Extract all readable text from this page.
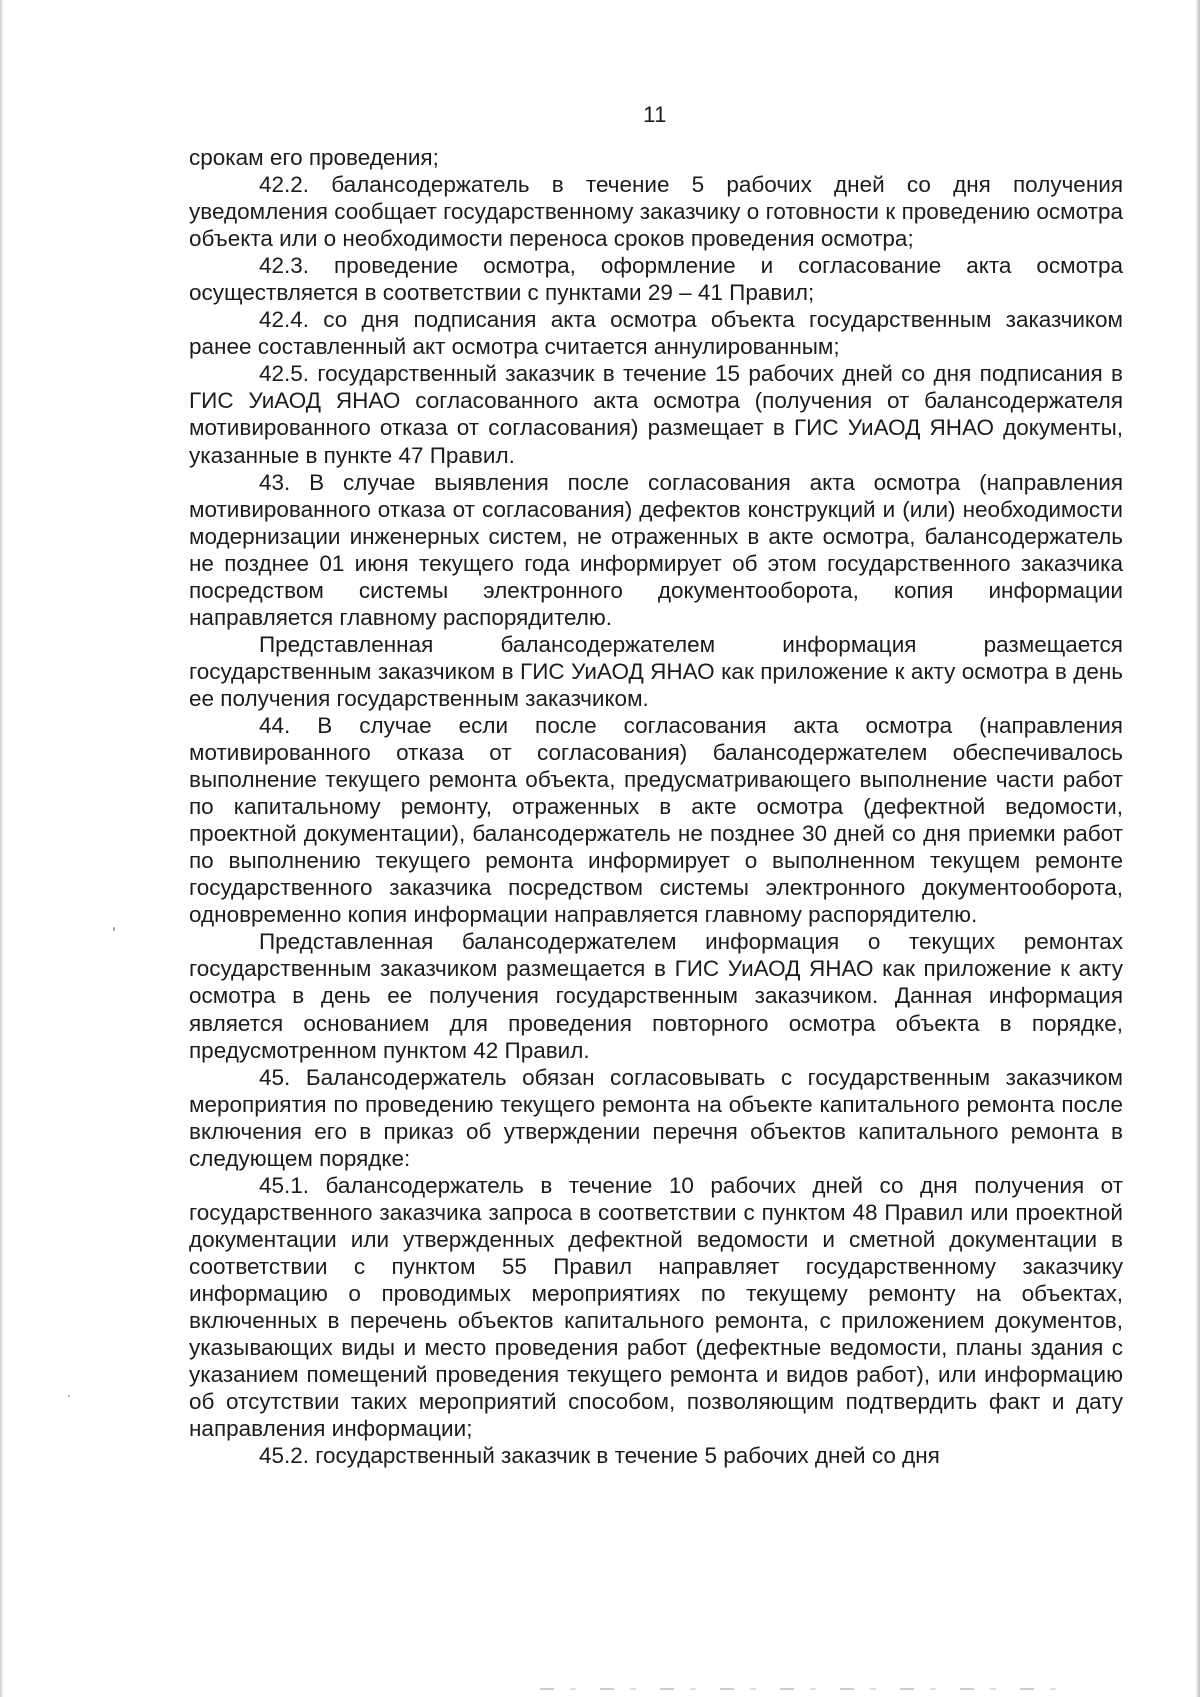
11

срокам его проведения;

42.2. балансодержатель в течение 5 рабочих дней со дня получения уведомления сообщает государственному заказчику о готовности к проведению осмотра объекта или о необходимости переноса сроков проведения осмотра;

42.3. проведение осмотра, оформление и согласование акта осмотра осуществляется в соответствии с пунктами 29 – 41 Правил;

42.4. со дня подписания акта осмотра объекта государственным заказчиком ранее составленный акт осмотра считается аннулированным;

42.5. государственный заказчик в течение 15 рабочих дней со дня подписания в ГИС УиАОД ЯНАО согласованного акта осмотра (получения от балансодержателя мотивированного отказа от согласования) размещает в ГИС УиАОД ЯНАО документы, указанные в пункте 47 Правил.

43. В случае выявления после согласования акта осмотра (направления мотивированного отказа от согласования) дефектов конструкций и (или) необходимости модернизации инженерных систем, не отраженных в акте осмотра, балансодержатель не позднее 01 июня текущего года информирует об этом государственного заказчика посредством системы электронного документооборота, копия информации направляется главному распорядителю.

Представленная балансодержателем информация размещается государственным заказчиком в ГИС УиАОД ЯНАО как приложение к акту осмотра в день ее получения государственным заказчиком.

44. В случае если после согласования акта осмотра (направления мотивированного отказа от согласования) балансодержателем обеспечивалось выполнение текущего ремонта объекта, предусматривающего выполнение части работ по капитальному ремонту, отраженных в акте осмотра (дефектной ведомости, проектной документации), балансодержатель не позднее 30 дней со дня приемки работ по выполнению текущего ремонта информирует о выполненном текущем ремонте государственного заказчика посредством системы электронного документооборота, одновременно копия информации направляется главному распорядителю.

Представленная балансодержателем информация о текущих ремонтах государственным заказчиком размещается в ГИС УиАОД ЯНАО как приложение к акту осмотра в день ее получения государственным заказчиком. Данная информация является основанием для проведения повторного осмотра объекта в порядке, предусмотренном пунктом 42 Правил.

45. Балансодержатель обязан согласовывать с государственным заказчиком мероприятия по проведению текущего ремонта на объекте капитального ремонта после включения его в приказ об утверждении перечня объектов капитального ремонта в следующем порядке:

45.1. балансодержатель в течение 10 рабочих дней со дня получения от государственного заказчика запроса в соответствии с пунктом 48 Правил или проектной документации или утвержденных дефектной ведомости и сметной документации в соответствии с пунктом 55 Правил направляет государственному заказчику информацию о проводимых мероприятиях по текущему ремонту на объектах, включенных в перечень объектов капитального ремонта, с приложением документов, указывающих виды и место проведения работ (дефектные ведомости, планы здания с указанием помещений проведения текущего ремонта и видов работ), или информацию об отсутствии таких мероприятий способом, позволяющим подтвердить факт и дату направления информации;

45.2. государственный заказчик в течение 5 рабочих дней со дня
